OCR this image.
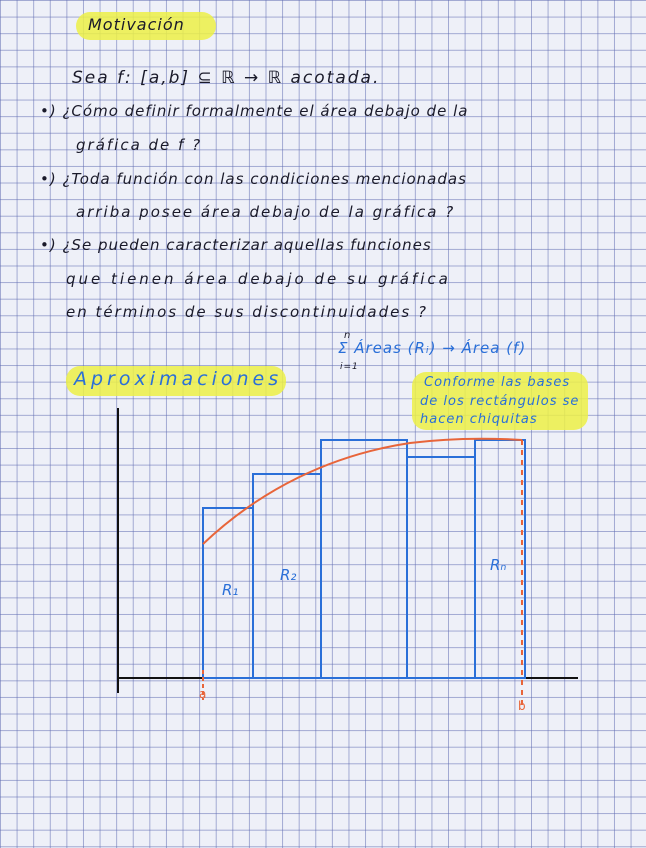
Motivación
Sea f: [a,b] ⊆ ℝ → ℝ acotada.
•) ¿Cómo definir formalmente el área debajo de la
gráfica de f ?
•) ¿Toda función con las condiciones mencionadas
arriba posee área debajo de la gráfica ?
•) ¿Se pueden caracterizar aquellas funciones
que tienen área debajo de su gráfica
en términos de sus discontinuidades ?
n
Σ Áreas (Rᵢ) → Área (f)
i=1
Aproximaciones	Conforme las bases
de los rectángulos se
hacen chiquitas
R₁
R₂
Rₙ
a
b
